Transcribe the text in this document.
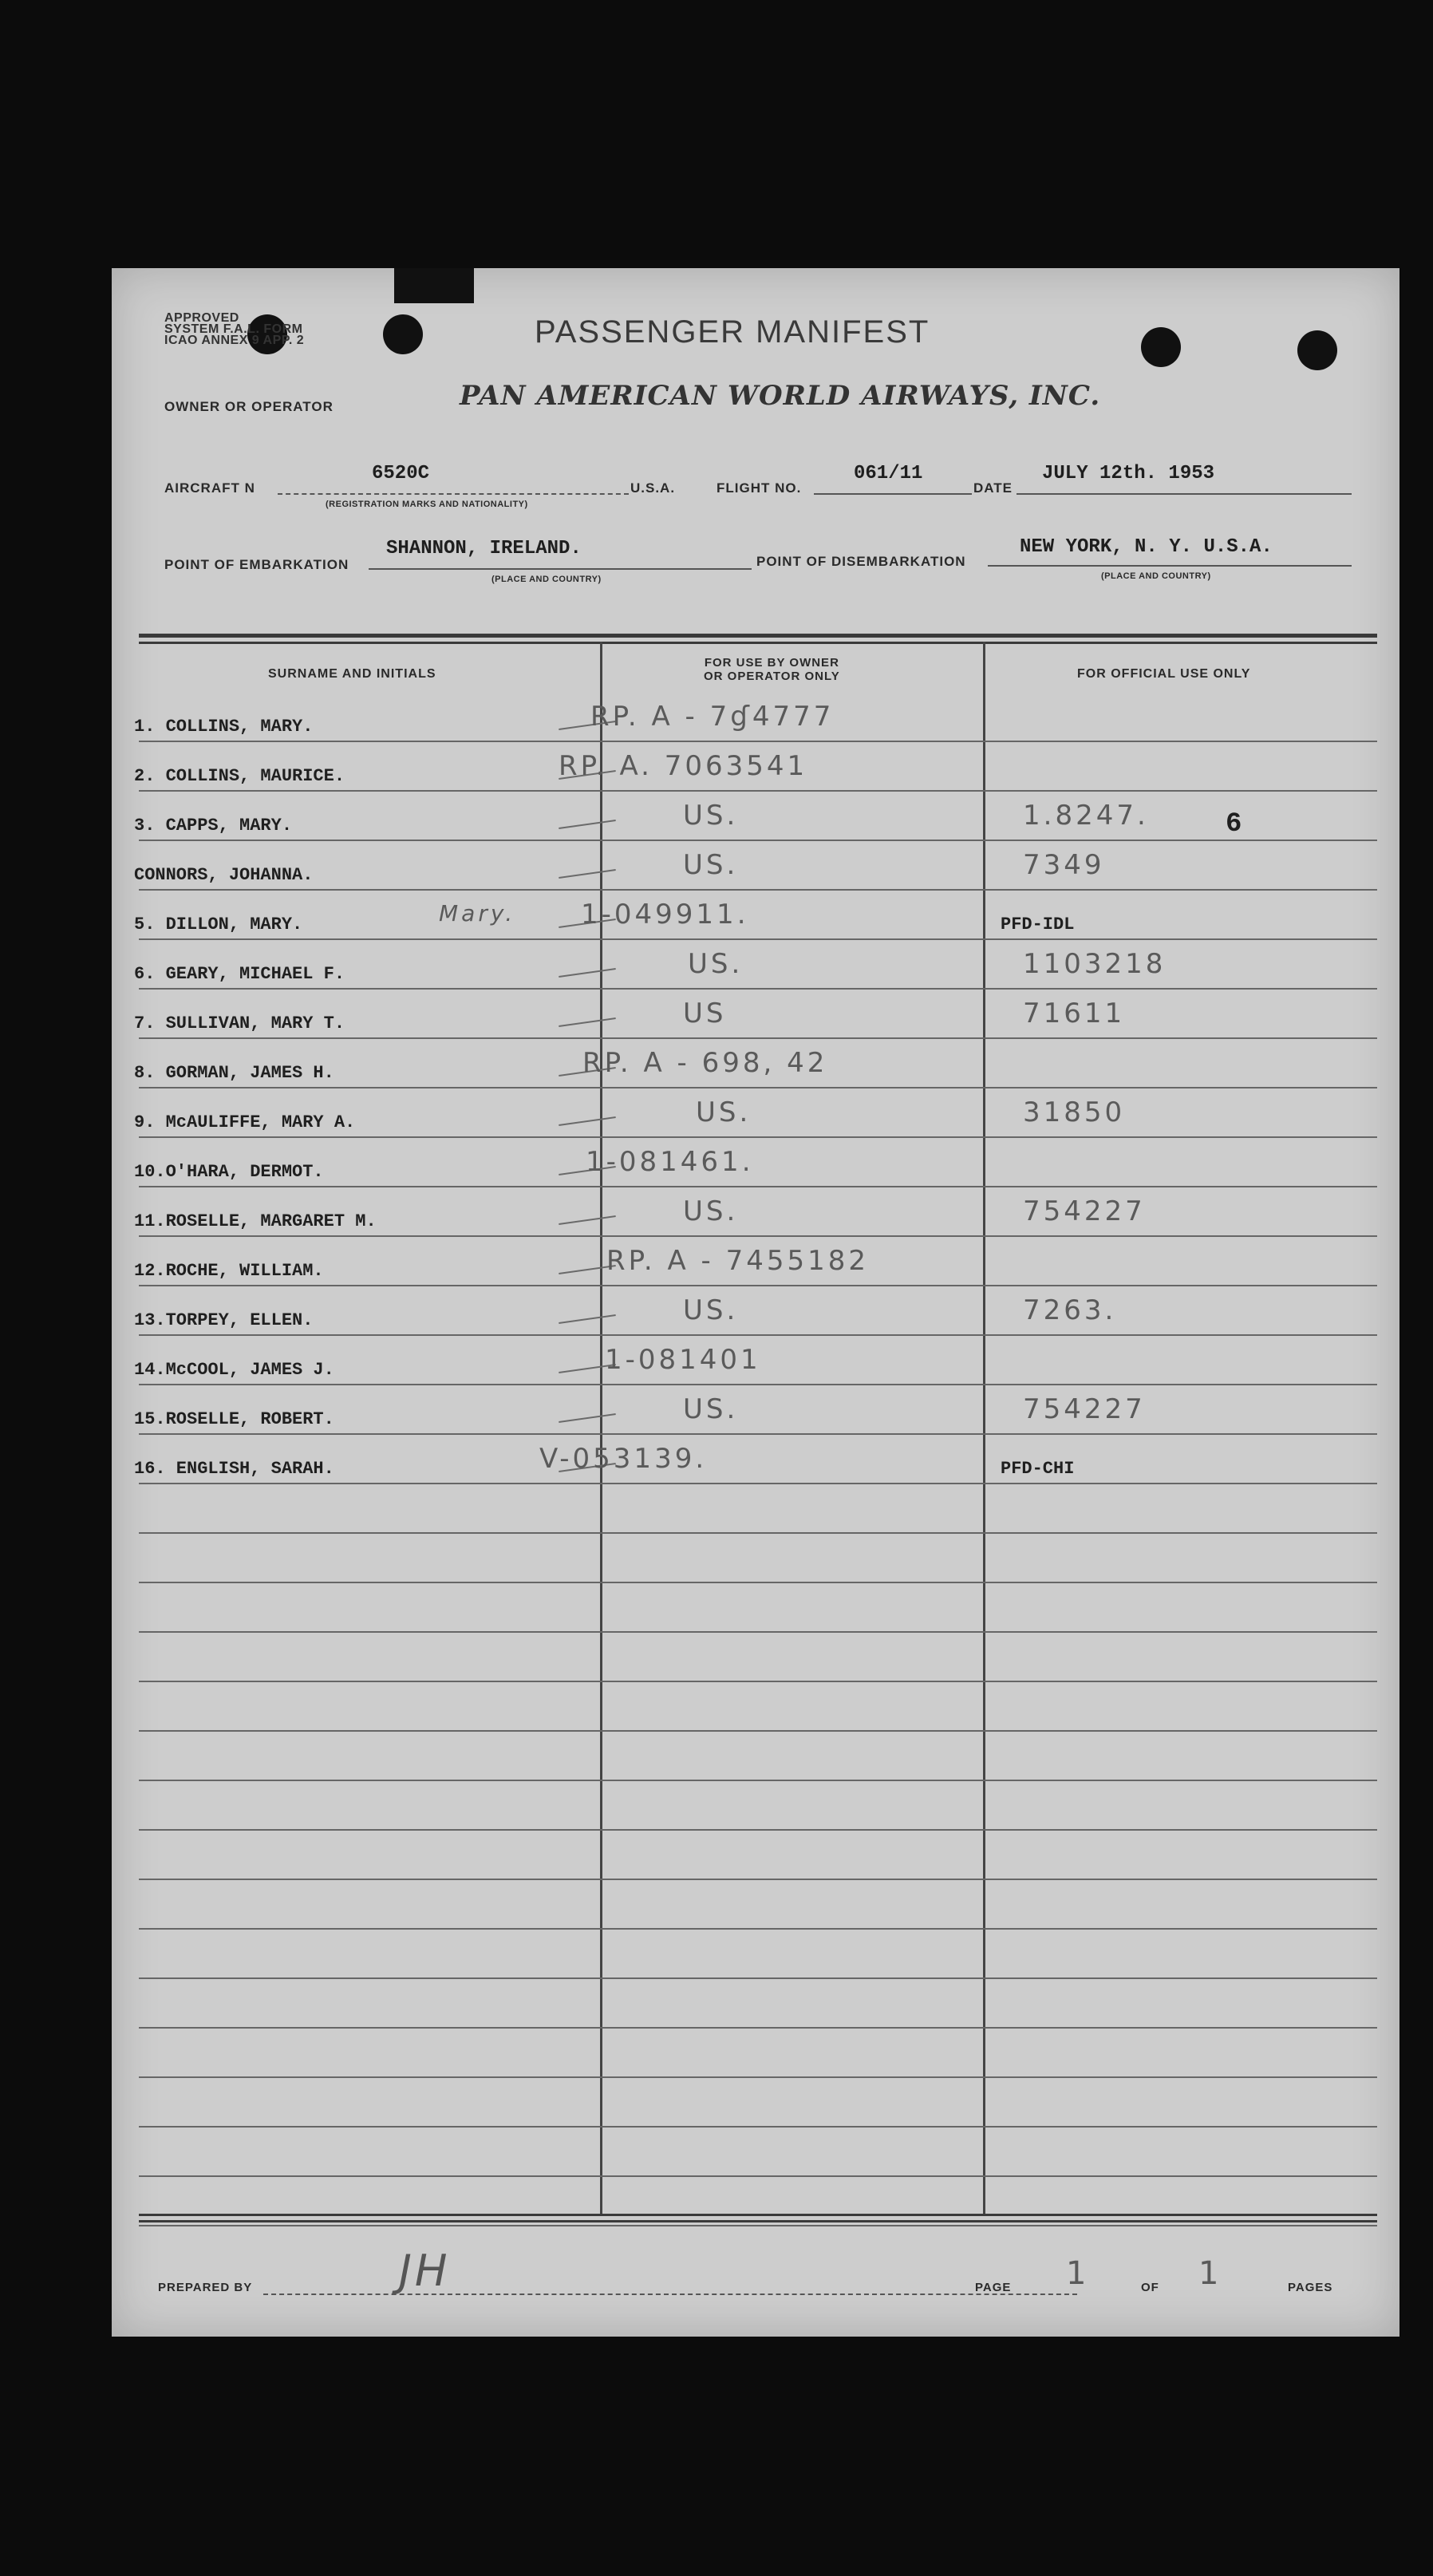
APPROVED
SYSTEM F.A.L. FORM
ICAO ANNEX 9 APP. 2	PASSENGER MANIFEST
OWNER OR OPERATOR	PAN AMERICAN WORLD AIRWAYS, INC.
AIRCRAFT N
6520C
(REGISTRATION MARKS AND NATIONALITY)
U.S.A.	FLIGHT NO.
061/11
DATE
JULY 12th. 1953
POINT OF EMBARKATION
SHANNON, IRELAND.
(PLACE AND COUNTRY)
POINT OF DISEMBARKATION
NEW YORK, N. Y. U.S.A.
(PLACE AND COUNTRY)
SURNAME AND INITIALS
FOR USE BY OWNER
OR OPERATOR ONLY	FOR OFFICIAL USE ONLY
1. COLLINS, MARY.	RP. A - 7ɠ4777
2. COLLINS, MAURICE.	RP. A. 7063541
3. CAPPS, MARY.	US.	1.8247.	6
CONNORS, JOHANNA.	US.	7349
5. DILLON, MARY.	1-049911.	PFD-IDL
Mary.
6. GEARY, MICHAEL F.	US.	1103218
7. SULLIVAN, MARY T.	US	71611
8. GORMAN, JAMES H.	RP. A - 698, 42
9. McAULIFFE, MARY A.	US.	31850
10.O'HARA, DERMOT.	1-081461.
11.ROSELLE, MARGARET M.	US.	754227
12.ROCHE, WILLIAM.	RP. A - 7455182
13.TORPEY, ELLEN.	US.	7263.
14.McCOOL, JAMES J.	1-081401
15.ROSELLE, ROBERT.	US.	754227
16. ENGLISH, SARAH.	V-053139.	PFD-CHI
PREPARED BY	JH	PAGE 1	OF 1	PAGES
